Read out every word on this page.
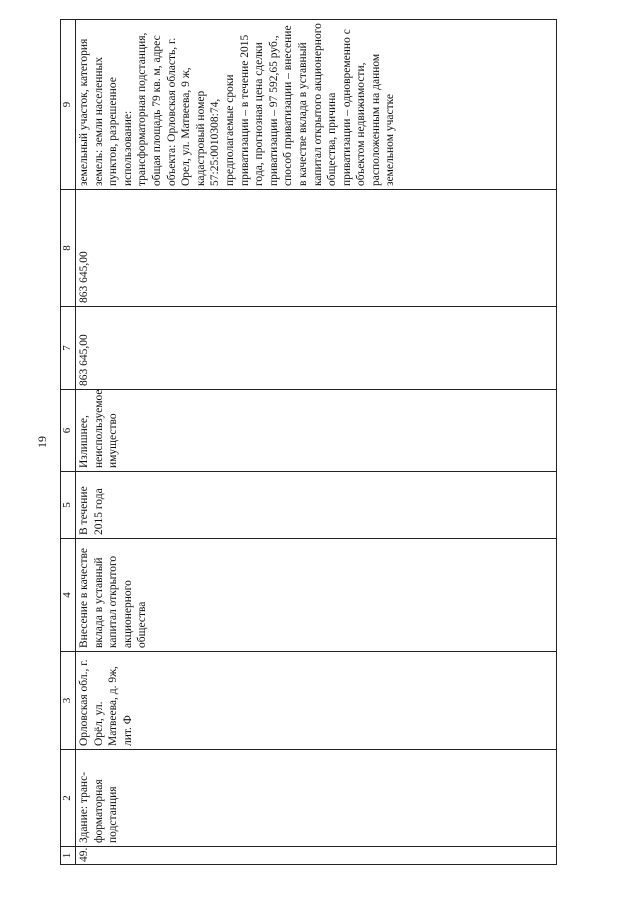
19
1	2	3	4	5	6	7	8	9
49.	Здание: транс-форматорная подстанция	Орловская обл., г. Орёл, ул. Матвеева, д. 9ж, лит. Ф	Внесение в качестве вклада в уставный капитал открытого акционерного общества	В течение 2015 года	Излишнее, неиспользуемое имущество	863 645,00	863 645,00	земельный участок, категория земель: земли населенных пунктов, разрешенное использование: трансформаторная подстанция, общая площадь 79 кв. м, адрес объекта: Орловская область, г. Орел, ул. Матвеева, 9 ж, кадастровый номер 57:25:0010308:74, предполагаемые сроки приватизации – в течение 2015 года, прогнозная цена сделки приватизации – 97 592,65 руб., способ приватизации – внесение в качестве вклада в уставный капитал открытого акционерного общества, причина приватизации – одновременно с объектом недвижимости, расположенным на данном земельном участке
